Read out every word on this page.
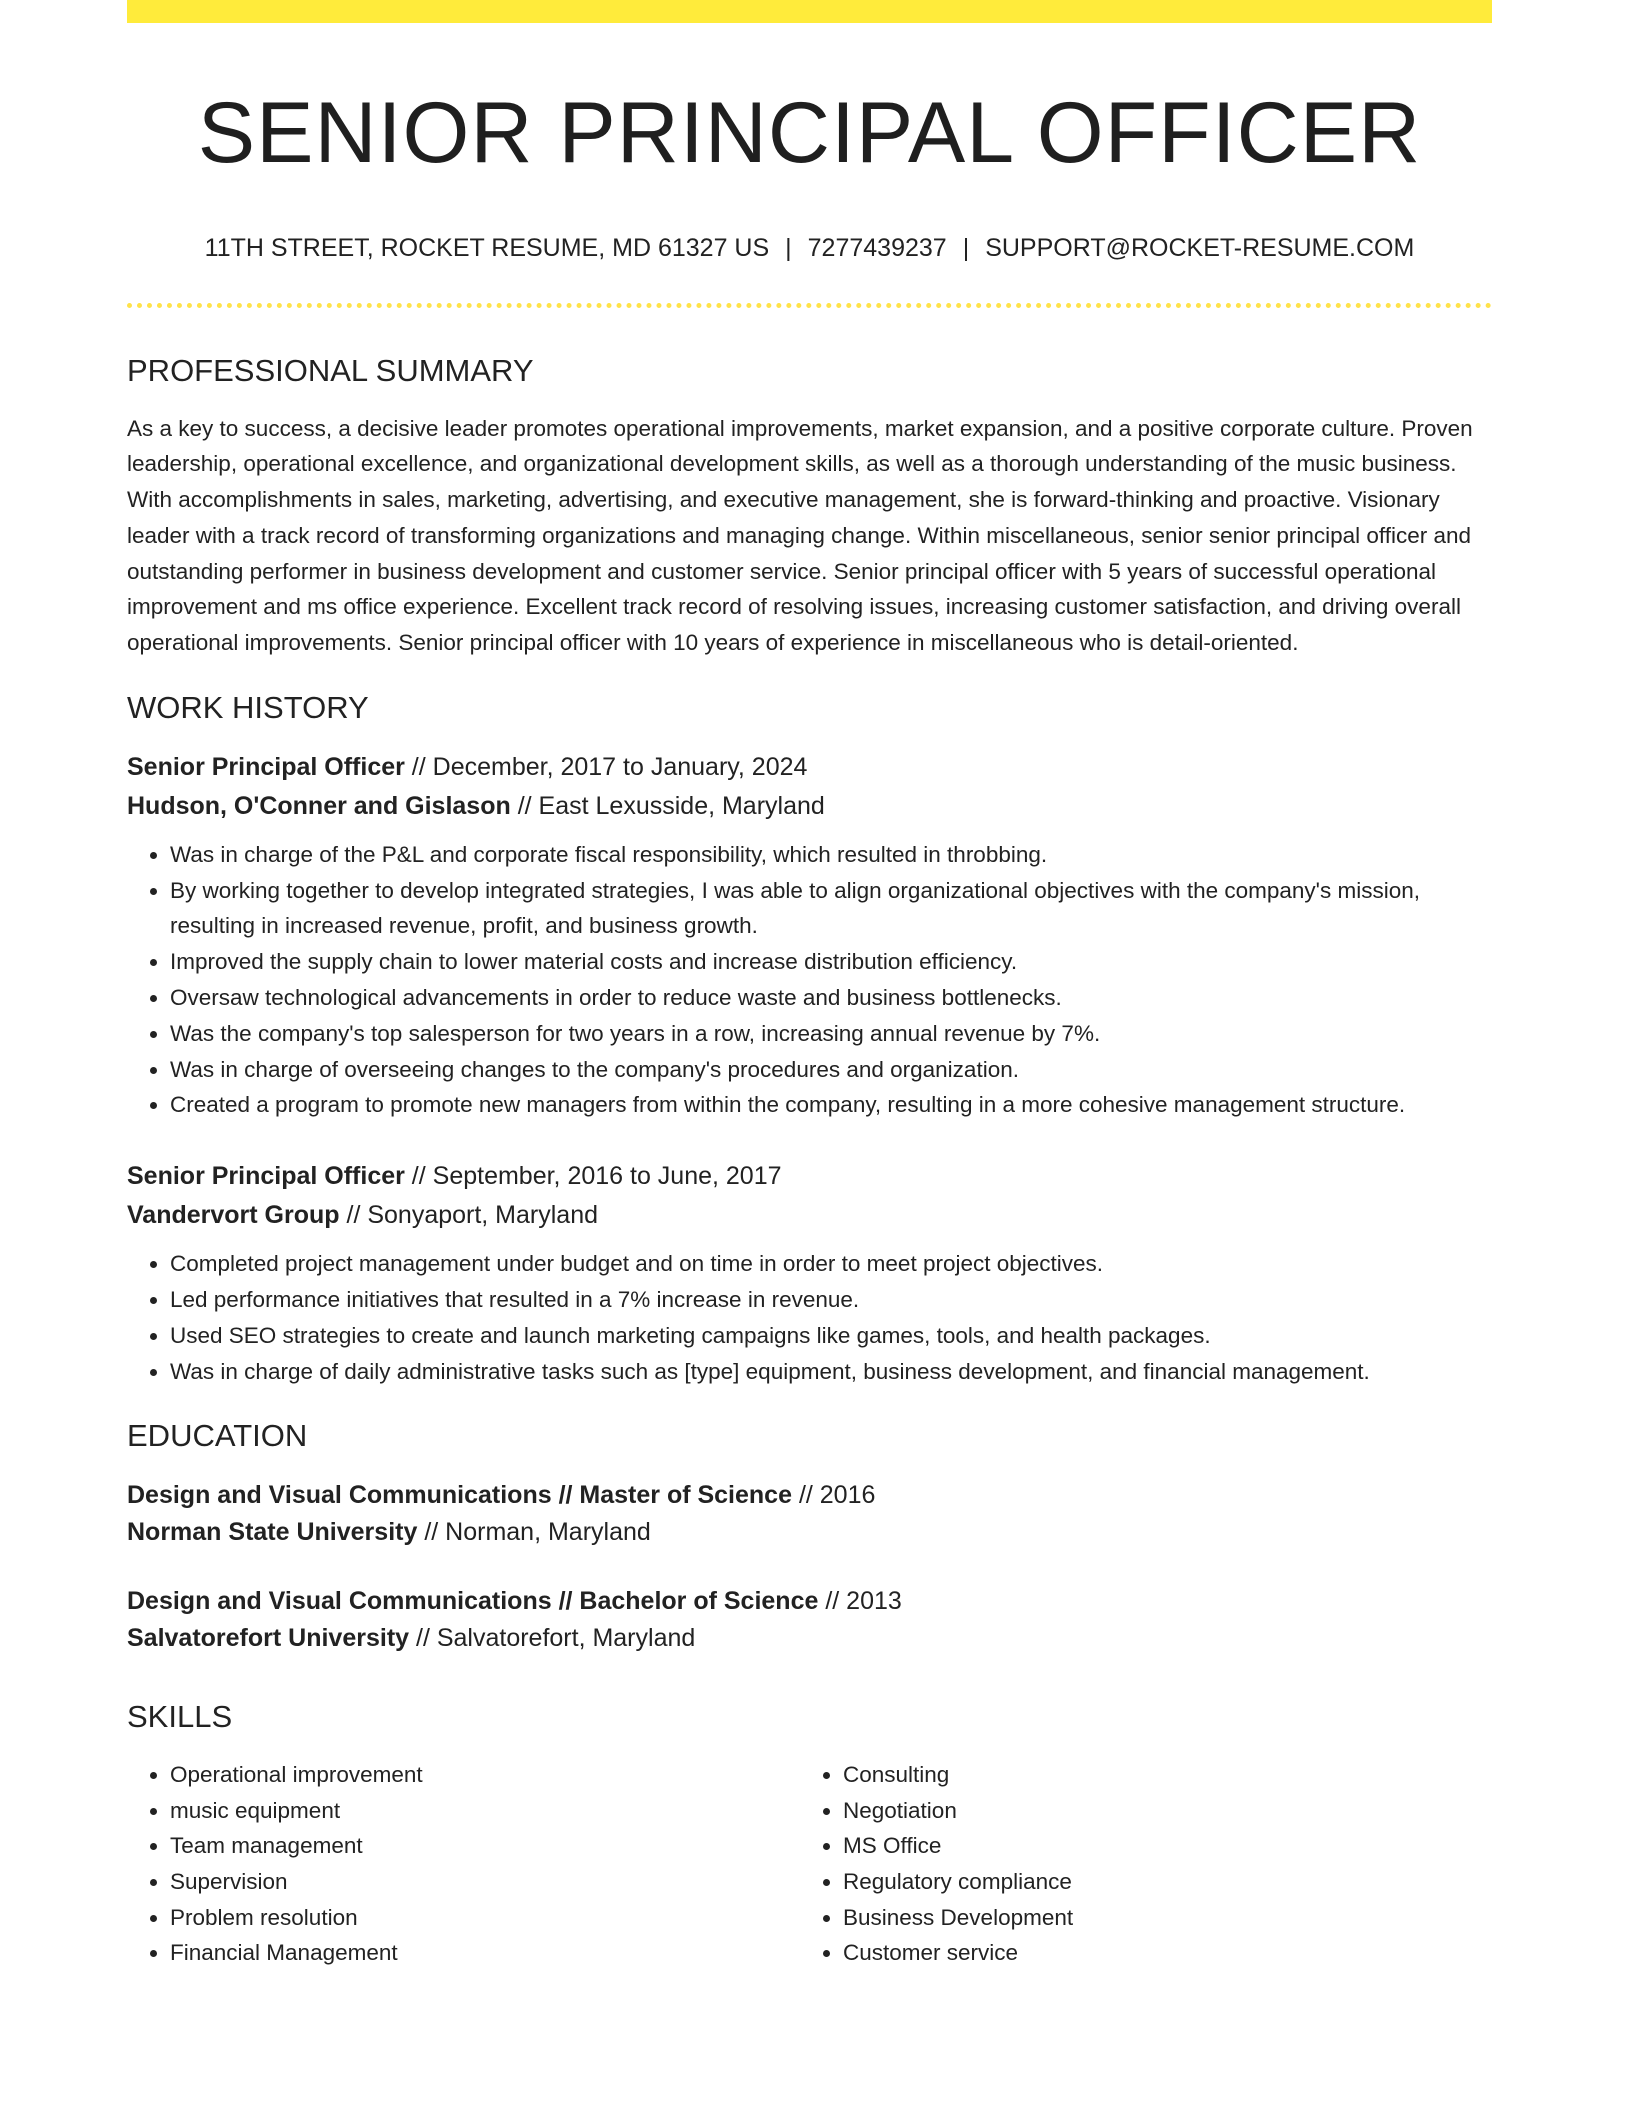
SENIOR PRINCIPAL OFFICER
11TH STREET, ROCKET RESUME, MD 61327 US | 7277439237 | SUPPORT@ROCKET-RESUME.COM
PROFESSIONAL SUMMARY
As a key to success, a decisive leader promotes operational improvements, market expansion, and a positive corporate culture. Proven leadership, operational excellence, and organizational development skills, as well as a thorough understanding of the music business. With accomplishments in sales, marketing, advertising, and executive management, she is forward-thinking and proactive. Visionary leader with a track record of transforming organizations and managing change. Within miscellaneous, senior senior principal officer and outstanding performer in business development and customer service. Senior principal officer with 5 years of successful operational improvement and ms office experience. Excellent track record of resolving issues, increasing customer satisfaction, and driving overall operational improvements. Senior principal officer with 10 years of experience in miscellaneous who is detail-oriented.
WORK HISTORY
Senior Principal Officer // December, 2017 to January, 2024
Hudson, O'Conner and Gislason // East Lexusside, Maryland
• Was in charge of the P&L and corporate fiscal responsibility, which resulted in throbbing.
• By working together to develop integrated strategies, I was able to align organizational objectives with the company's mission, resulting in increased revenue, profit, and business growth.
• Improved the supply chain to lower material costs and increase distribution efficiency.
• Oversaw technological advancements in order to reduce waste and business bottlenecks.
• Was the company's top salesperson for two years in a row, increasing annual revenue by 7%.
• Was in charge of overseeing changes to the company's procedures and organization.
• Created a program to promote new managers from within the company, resulting in a more cohesive management structure.
Senior Principal Officer // September, 2016 to June, 2017
Vandervort Group // Sonyaport, Maryland
• Completed project management under budget and on time in order to meet project objectives.
• Led performance initiatives that resulted in a 7% increase in revenue.
• Used SEO strategies to create and launch marketing campaigns like games, tools, and health packages.
• Was in charge of daily administrative tasks such as [type] equipment, business development, and financial management.
EDUCATION
Design and Visual Communications // Master of Science // 2016
Norman State University // Norman, Maryland
Design and Visual Communications // Bachelor of Science // 2013
Salvatorefort University // Salvatorefort, Maryland
SKILLS
• Operational improvement
• music equipment
• Team management
• Supervision
• Problem resolution
• Financial Management
• Consulting
• Negotiation
• MS Office
• Regulatory compliance
• Business Development
• Customer service
